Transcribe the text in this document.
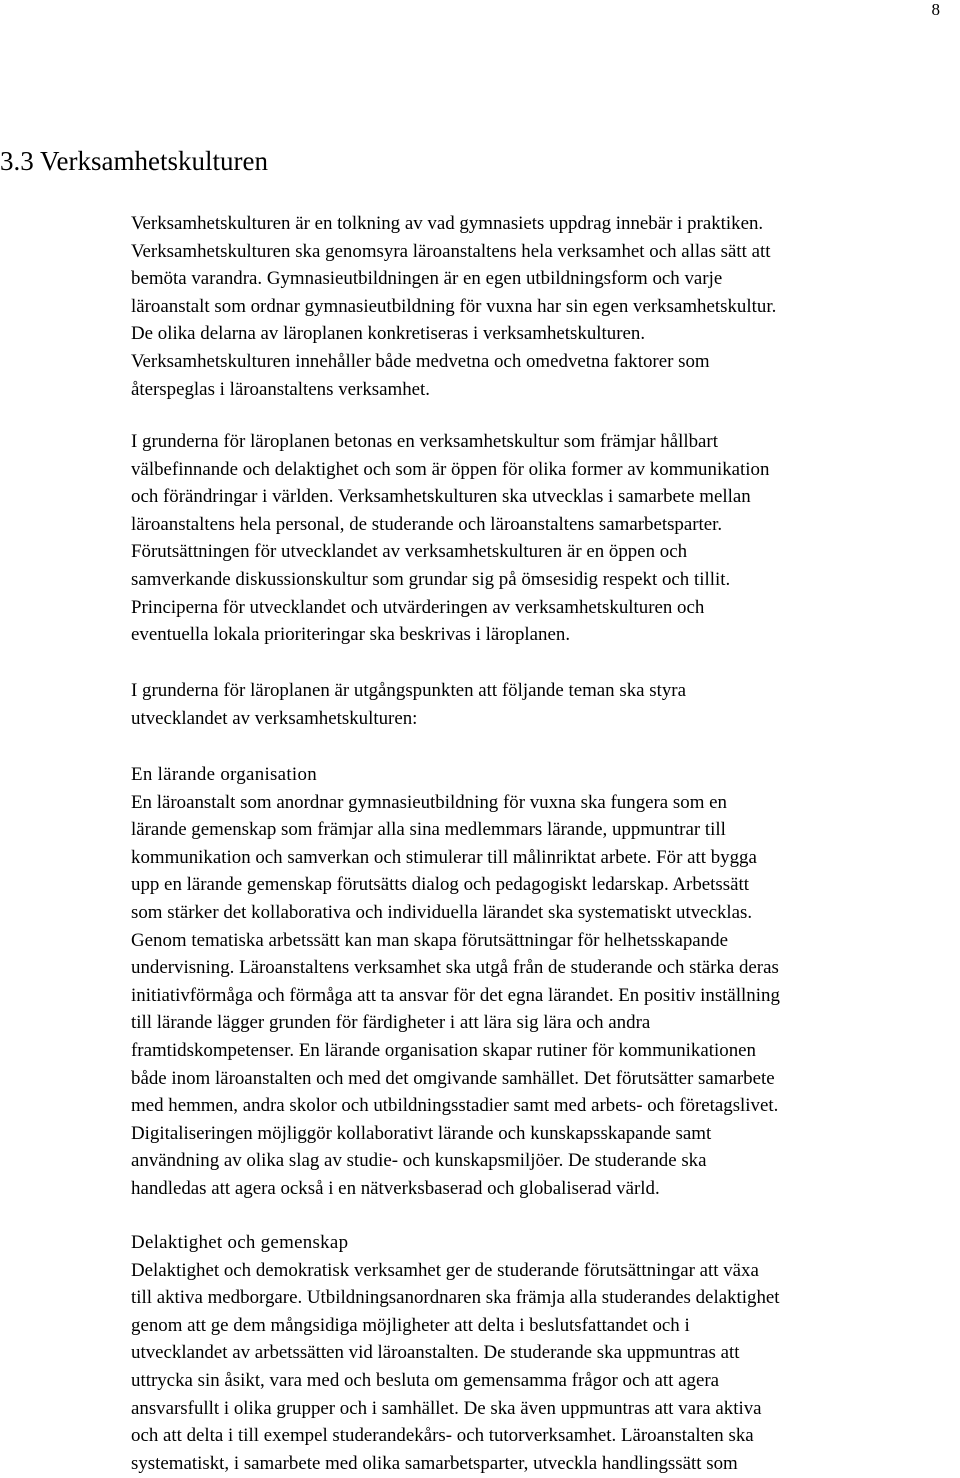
8
3.3 Verksamhetskulturen

Verksamhetskulturen är en tolkning av vad gymnasiets uppdrag innebär i praktiken.
Verksamhetskulturen ska genomsyra läroanstaltens hela verksamhet och allas sätt att
bemöta varandra. Gymnasieutbildningen är en egen utbildningsform och varje
läroanstalt som ordnar gymnasieutbildning för vuxna har sin egen verksamhetskultur.
De olika delarna av läroplanen konkretiseras i verksamhetskulturen.
Verksamhetskulturen innehåller både medvetna och omedvetna faktorer som
återspeglas i läroanstaltens verksamhet.

I grunderna för läroplanen betonas en verksamhetskultur som främjar hållbart
välbefinnande och delaktighet och som är öppen för olika former av kommunikation
och förändringar i världen. Verksamhetskulturen ska utvecklas i samarbete mellan
läroanstaltens hela personal, de studerande och läroanstaltens samarbetsparter.
Förutsättningen för utvecklandet av verksamhetskulturen är en öppen och
samverkande diskussionskultur som grundar sig på ömsesidig respekt och tillit.
Principerna för utvecklandet och utvärderingen av verksamhetskulturen och
eventuella lokala prioriteringar ska beskrivas i läroplanen.

I grunderna för läroplanen är utgångspunkten att följande teman ska styra
utvecklandet av verksamhetskulturen:

En lärande organisation
En läroanstalt som anordnar gymnasieutbildning för vuxna ska fungera som en
lärande gemenskap som främjar alla sina medlemmars lärande, uppmuntrar till
kommunikation och samverkan och stimulerar till målinriktat arbete. För att bygga
upp en lärande gemenskap förutsätts dialog och pedagogiskt ledarskap. Arbetssätt
som stärker det kollaborativa och individuella lärandet ska systematiskt utvecklas.
Genom tematiska arbetssätt kan man skapa förutsättningar för helhetsskapande
undervisning. Läroanstaltens verksamhet ska utgå från de studerande och stärka deras
initiativförmåga och förmåga att ta ansvar för det egna lärandet. En positiv inställning
till lärande lägger grunden för färdigheter i att lära sig lära och andra
framtidskompetenser. En lärande organisation skapar rutiner för kommunikationen
både inom läroanstalten och med det omgivande samhället. Det förutsätter samarbete
med hemmen, andra skolor och utbildningsstadier samt med arbets- och företagslivet.
Digitaliseringen möjliggör kollaborativt lärande och kunskapsskapande samt
användning av olika slag av studie- och kunskapsmiljöer. De studerande ska
handledas att agera också i en nätverksbaserad och globaliserad värld.
Delaktighet och gemenskap
Delaktighet och demokratisk verksamhet ger de studerande förutsättningar att växa
till aktiva medborgare. Utbildningsanordnaren ska främja alla studerandes delaktighet
genom att ge dem mångsidiga möjligheter att delta i beslutsfattandet och i
utvecklandet av arbetssätten vid läroanstalten. De studerande ska uppmuntras att
uttrycka sin åsikt, vara med och besluta om gemensamma frågor och att agera
ansvarsfullt i olika grupper och i samhället. De ska även uppmuntras att vara aktiva
och att delta i till exempel studerandekårs- och tutorverksamhet. Läroanstalten ska
systematiskt, i samarbete med olika samarbetsparter, utveckla handlingssätt som
